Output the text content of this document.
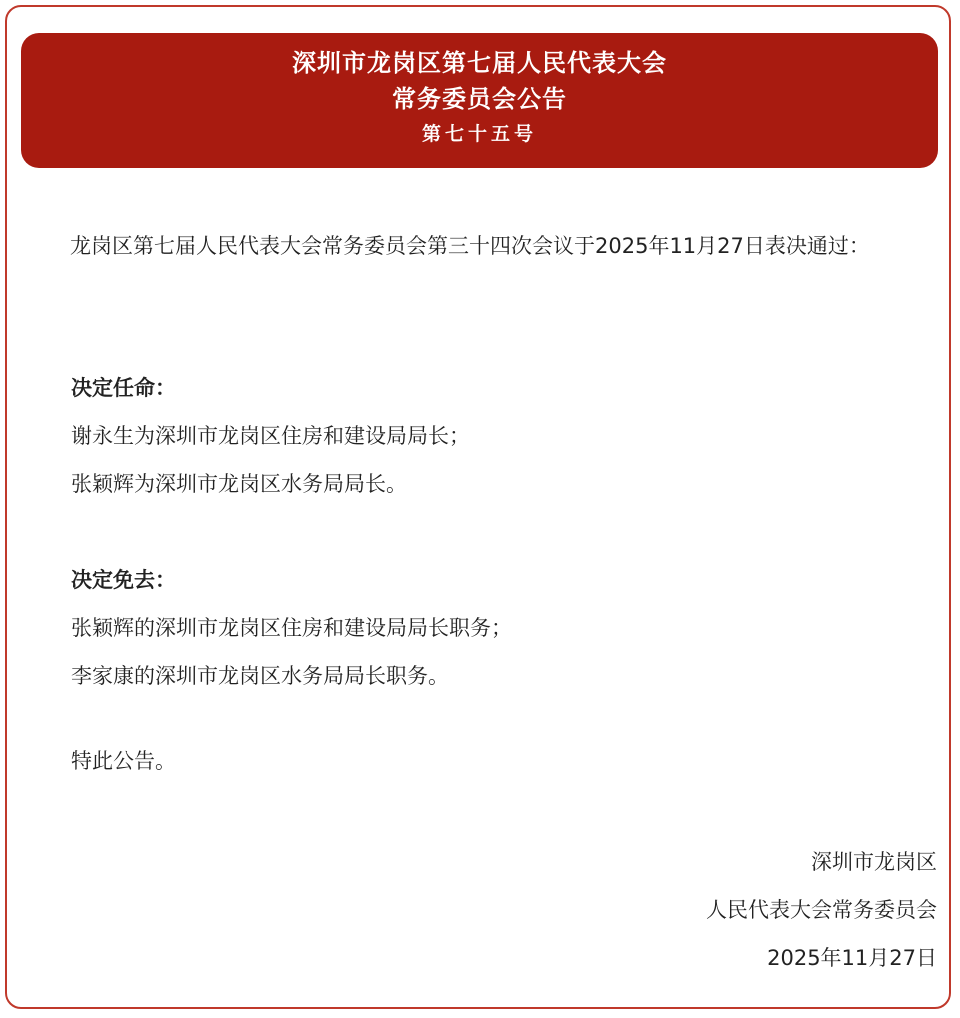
深圳市龙岗区第七届人民代表大会
常务委员会公告
第七十五号
龙岗区第七届人民代表大会常务委员会第三十四次会议于2025年11月27日表决通过：
决定任命：
谢永生为深圳市龙岗区住房和建设局局长；
张颖辉为深圳市龙岗区水务局局长。
决定免去：
张颖辉的深圳市龙岗区住房和建设局局长职务；
李家康的深圳市龙岗区水务局局长职务。
特此公告。
深圳市龙岗区
人民代表大会常务委员会
2025年11月27日
